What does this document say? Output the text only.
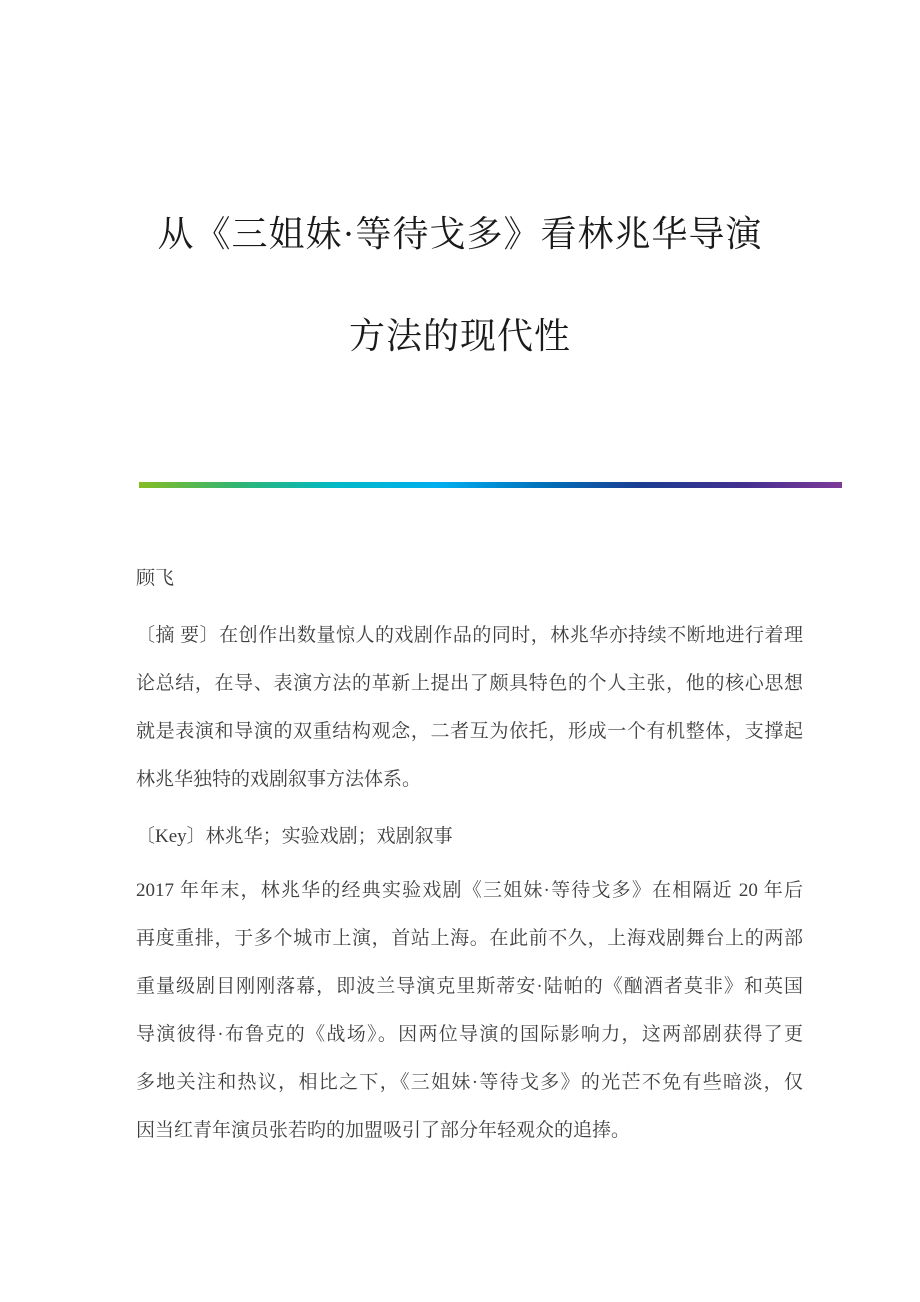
从《三姐妹·等待戈多》看林兆华导演
方法的现代性

顾飞

〔摘 要〕在创作出数量惊人的戏剧作品的同时，林兆华亦持续不断地进行着理
论总结，在导、表演方法的革新上提出了颇具特色的个人主张，他的核心思想
就是表演和导演的双重结构观念，二者互为依托，形成一个有机整体，支撑起
林兆华独特的戏剧叙事方法体系。

〔Key〕林兆华；实验戏剧；戏剧叙事

2017 年年末，林兆华的经典实验戏剧《三姐妹·等待戈多》在相隔近 20 年后
再度重排，于多个城市上演，首站上海。在此前不久，上海戏剧舞台上的两部
重量级剧目刚刚落幕，即波兰导演克里斯蒂安·陆帕的《酗酒者莫非》和英国
导演彼得·布鲁克的《战场》。因两位导演的国际影响力，这两部剧获得了更
多地关注和热议，相比之下，《三姐妹·等待戈多》的光芒不免有些暗淡，仅
因当红青年演员张若昀的加盟吸引了部分年轻观众的追捧。
